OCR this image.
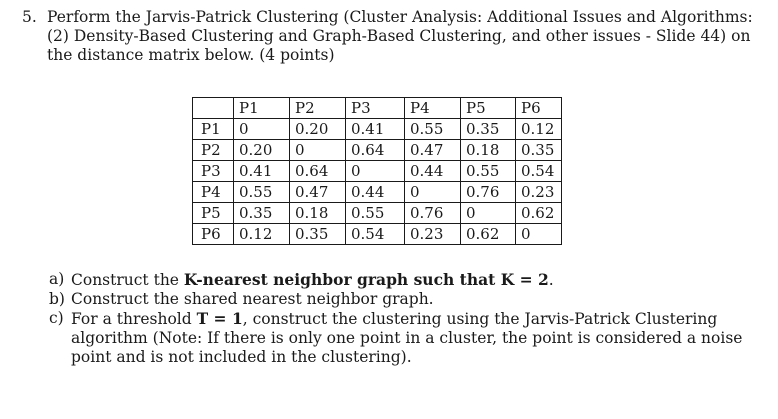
5. Perform the Jarvis-Patrick Clustering (Cluster Analysis: Additional Issues and Algorithms: (2) Density-Based Clustering and Graph-Based Clustering, and other issues - Slide 44) on the distance matrix below. (4 points)
	P1	P2	P3	P4	P5	P6
P1	0	0.20	0.41	0.55	0.35	0.12
P2	0.20	0	0.64	0.47	0.18	0.35
P3	0.41	0.64	0	0.44	0.55	0.54
P4	0.55	0.47	0.44	0	0.76	0.23
P5	0.35	0.18	0.55	0.76	0	0.62
P6	0.12	0.35	0.54	0.23	0.62	0
a) Construct the K-nearest neighbor graph such that K = 2.
b) Construct the shared nearest neighbor graph.
c) For a threshold T = 1, construct the clustering using the Jarvis-Patrick Clustering algorithm (Note: If there is only one point in a cluster, the point is considered a noise point and is not included in the clustering).
